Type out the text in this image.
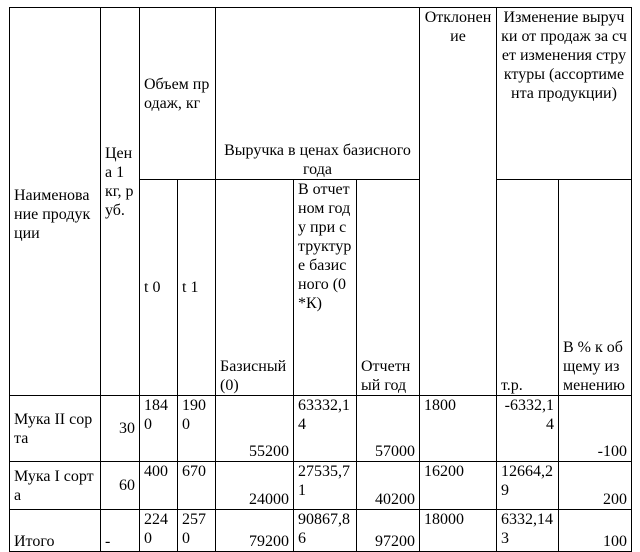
Наименование продукции	Цена 1 кг, руб.	Объем продаж, кг		Выручка в ценах базисного года			Отклонение	Изменение выручки от продаж за счет изменения структуры (ассортимента продукции)	
		t 0	t 1	Базисный(0)	В отчетном году при структуре базисного (0*К)	Отчетный год		т.р.	В % к общему изменению
Мука II сорта	30	1840	1900	55200	63332,14	57000	1800	-6332,14	-100
Мука I сорта	60	400	670	24000	27535,71	40200	16200	12664,29	200
Итого	-	2240	2570	79200	90867,86	97200	18000	6332,143	100
